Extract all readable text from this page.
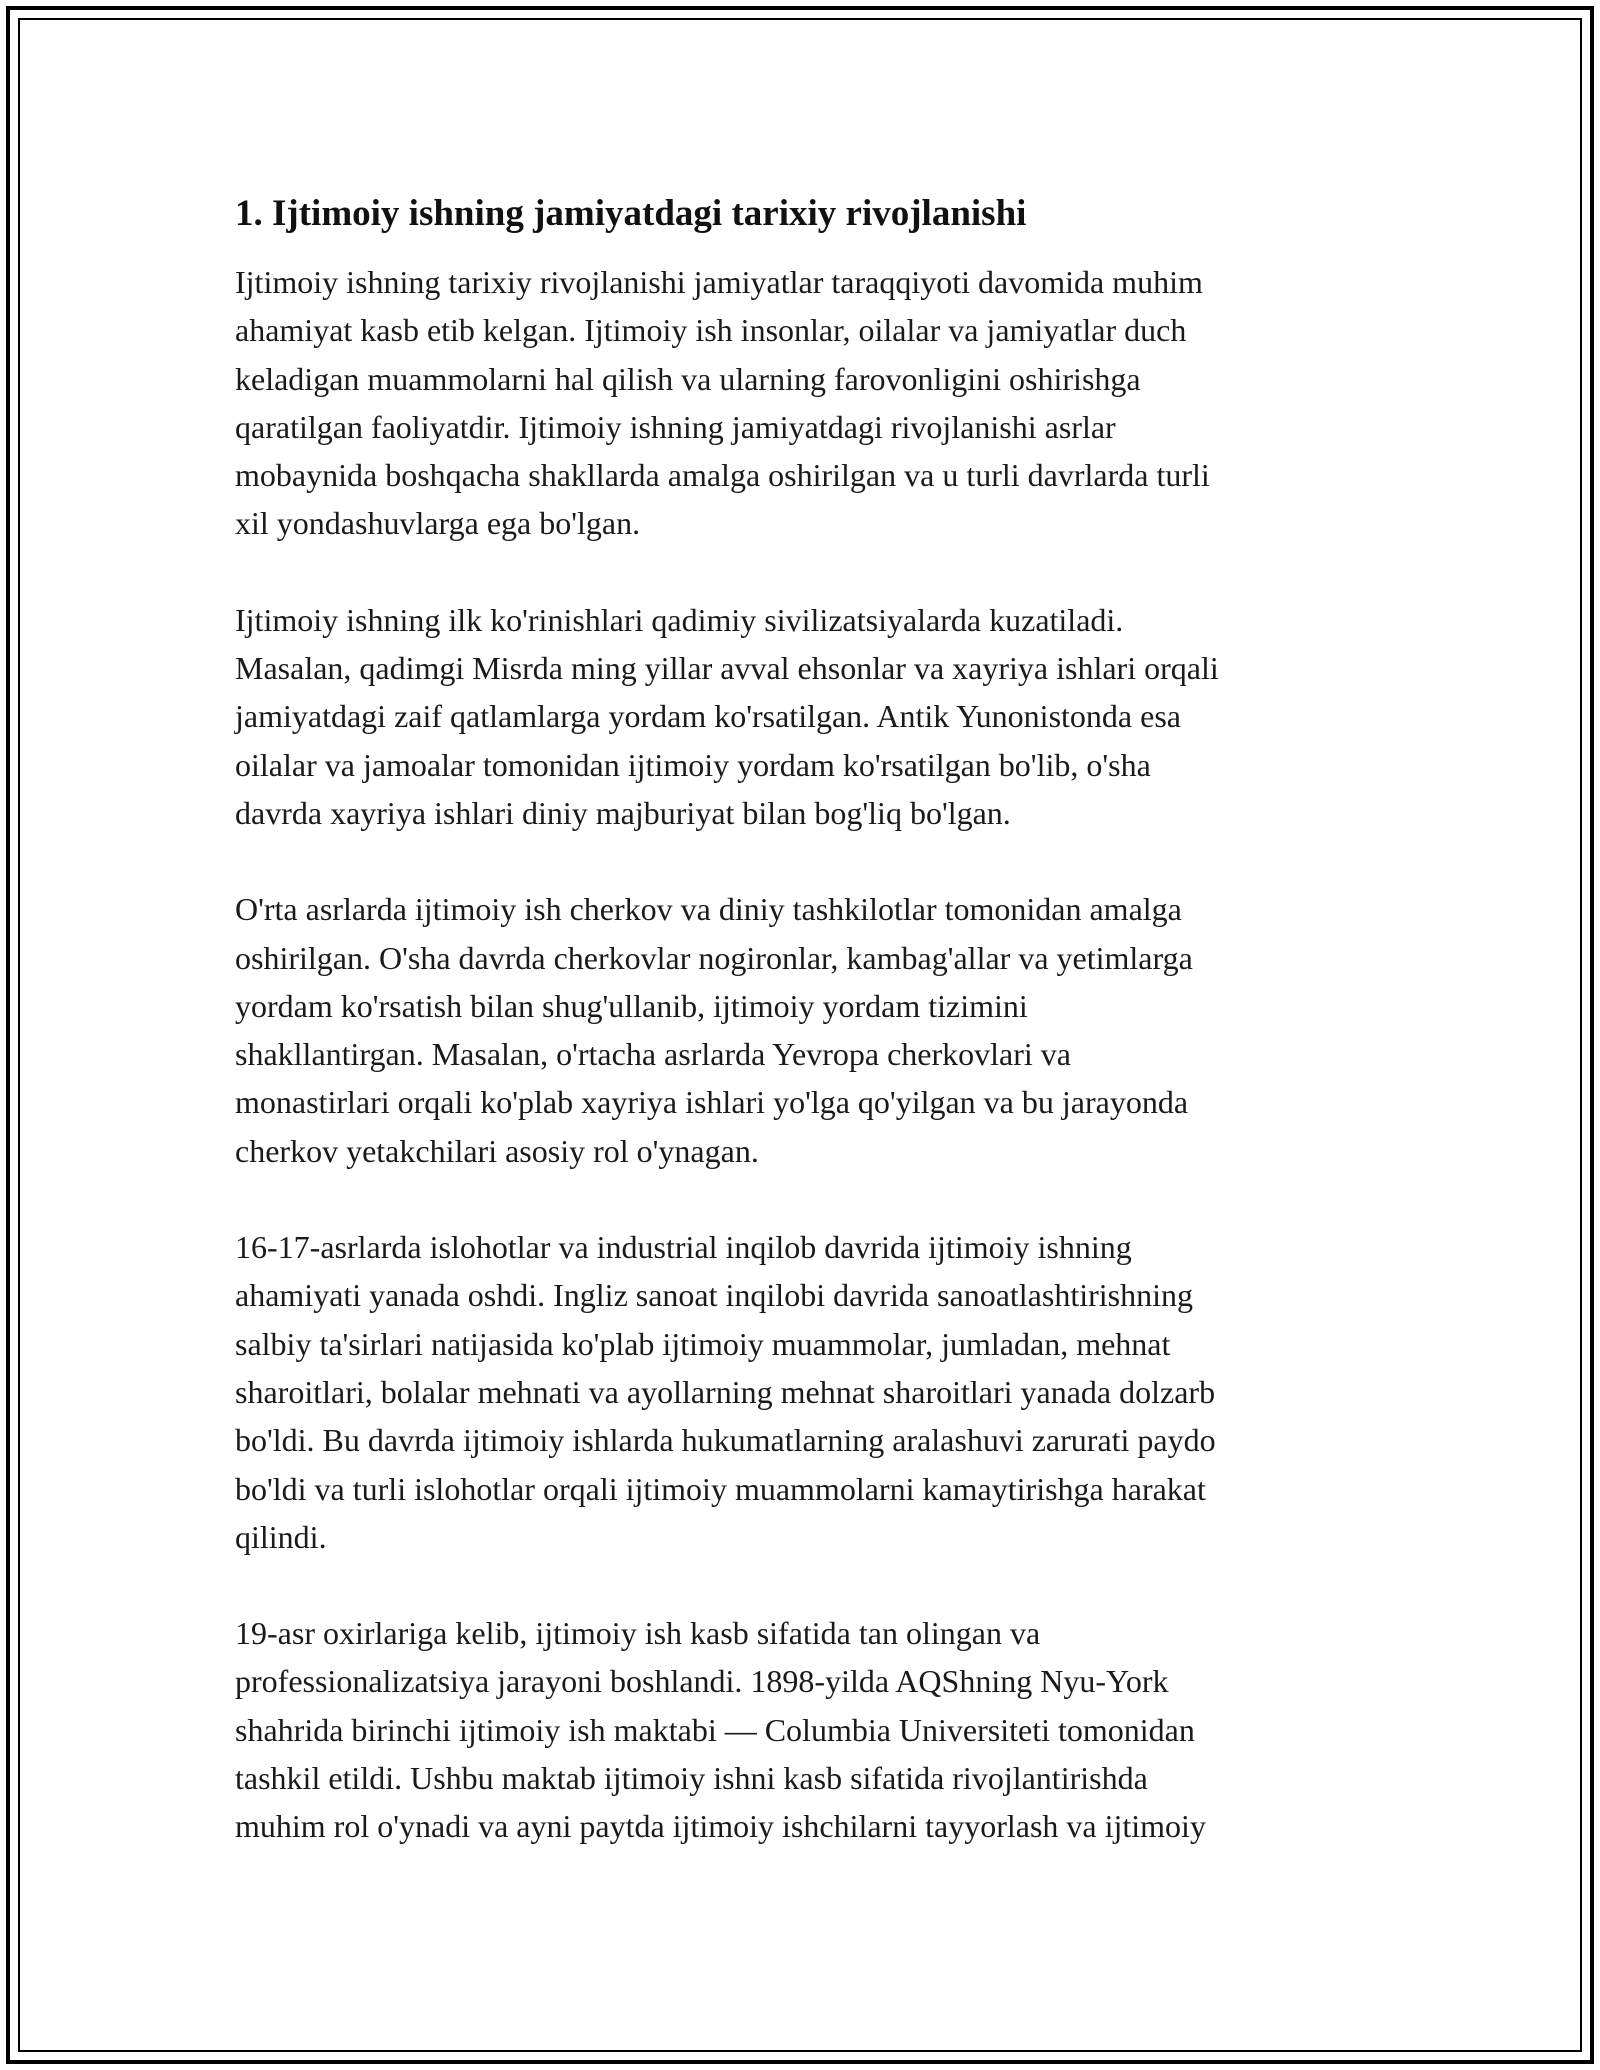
1. Ijtimoiy ishning jamiyatdagi tarixiy rivojlanishi

Ijtimoiy ishning tarixiy rivojlanishi jamiyatlar taraqqiyoti davomida muhim
ahamiyat kasb etib kelgan. Ijtimoiy ish insonlar, oilalar va jamiyatlar duch
keladigan muammolarni hal qilish va ularning farovonligini oshirishga
qaratilgan faoliyatdir. Ijtimoiy ishning jamiyatdagi rivojlanishi asrlar
mobaynida boshqacha shakllarda amalga oshirilgan va u turli davrlarda turli
xil yondashuvlarga ega bo'lgan.

Ijtimoiy ishning ilk ko'rinishlari qadimiy sivilizatsiyalarda kuzatiladi.
Masalan, qadimgi Misrda ming yillar avval ehsonlar va xayriya ishlari orqali
jamiyatdagi zaif qatlamlarga yordam ko'rsatilgan. Antik Yunonistonda esa
oilalar va jamoalar tomonidan ijtimoiy yordam ko'rsatilgan bo'lib, o'sha
davrda xayriya ishlari diniy majburiyat bilan bog'liq bo'lgan.

O'rta asrlarda ijtimoiy ish cherkov va diniy tashkilotlar tomonidan amalga
oshirilgan. O'sha davrda cherkovlar nogironlar, kambag'allar va yetimlarga
yordam ko'rsatish bilan shug'ullanib, ijtimoiy yordam tizimini
shakllantirgan. Masalan, o'rtacha asrlarda Yevropa cherkovlari va
monastirlari orqali ko'plab xayriya ishlari yo'lga qo'yilgan va bu jarayonda
cherkov yetakchilari asosiy rol o'ynagan.

16-17-asrlarda islohotlar va industrial inqilob davrida ijtimoiy ishning
ahamiyati yanada oshdi. Ingliz sanoat inqilobi davrida sanoatlashtirishning
salbiy ta'sirlari natijasida ko'plab ijtimoiy muammolar, jumladan, mehnat
sharoitlari, bolalar mehnati va ayollarning mehnat sharoitlari yanada dolzarb
bo'ldi. Bu davrda ijtimoiy ishlarda hukumatlarning aralashuvi zarurati paydo
bo'ldi va turli islohotlar orqali ijtimoiy muammolarni kamaytirishga harakat
qilindi.

19-asr oxirlariga kelib, ijtimoiy ish kasb sifatida tan olingan va
professionalizatsiya jarayoni boshlandi. 1898-yilda AQShning Nyu-York
shahrida birinchi ijtimoiy ish maktabi — Columbia Universiteti tomonidan
tashkil etildi. Ushbu maktab ijtimoiy ishni kasb sifatida rivojlantirishda
muhim rol o'ynadi va ayni paytda ijtimoiy ishchilarni tayyorlash va ijtimoiy
